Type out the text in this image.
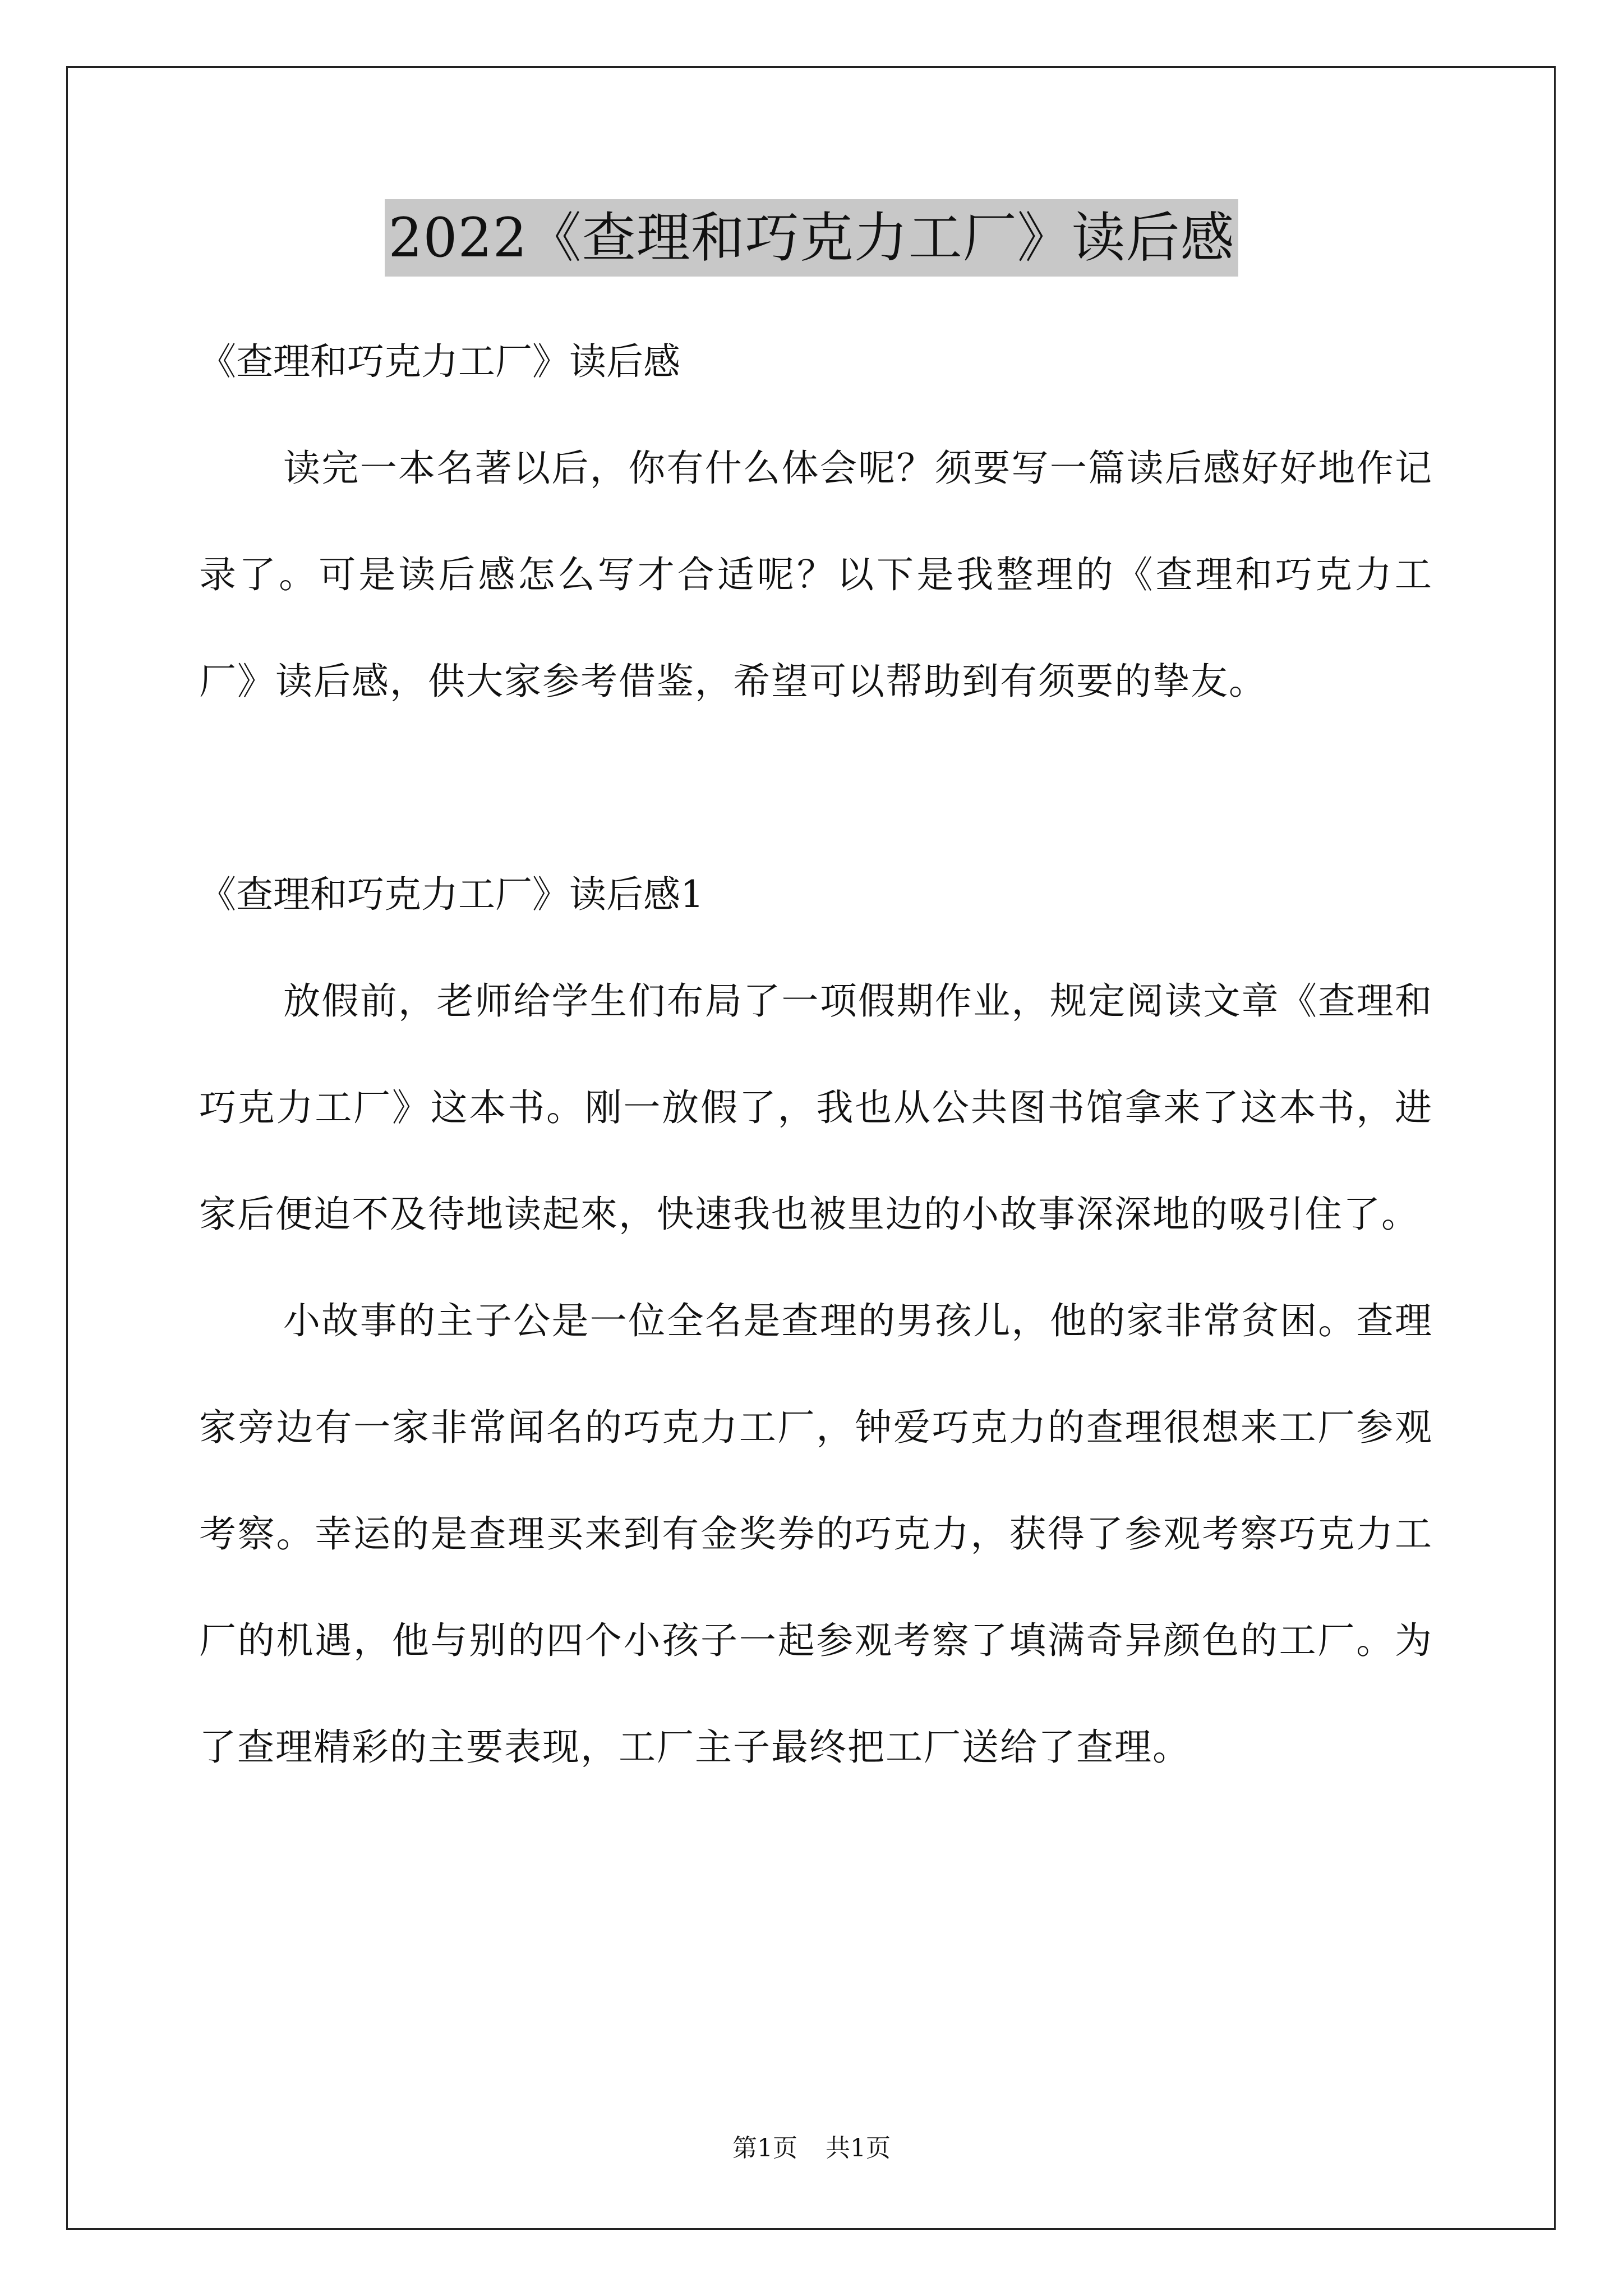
2022《查理和巧克力工厂》读后感

《查理和巧克力工厂》读后感

读完一本名著以后，你有什么体会呢？须要写一篇读后感好好地作记录了。可是读后感怎么写才合适呢？以下是我整理的《查理和巧克力工厂》读后感，供大家参考借鉴，希望可以帮助到有须要的挚友。

《查理和巧克力工厂》读后感1

放假前，老师给学生们布局了一项假期作业，规定阅读文章《查理和巧克力工厂》这本书。刚一放假了，我也从公共图书馆拿来了这本书，进家后便迫不及待地读起來，快速我也被里边的小故事深深地的吸引住了。

小故事的主子公是一位全名是查理的男孩儿，他的家非常贫困。查理家旁边有一家非常闻名的巧克力工厂，钟爱巧克力的查理很想来工厂参观考察。幸运的是查理买来到有金奖券的巧克力，获得了参观考察巧克力工厂的机遇，他与别的四个小孩子一起参观考察了填满奇异颜色的工厂。为了查理精彩的主要表现，工厂主子最终把工厂送给了查理。

第1页 共1页
